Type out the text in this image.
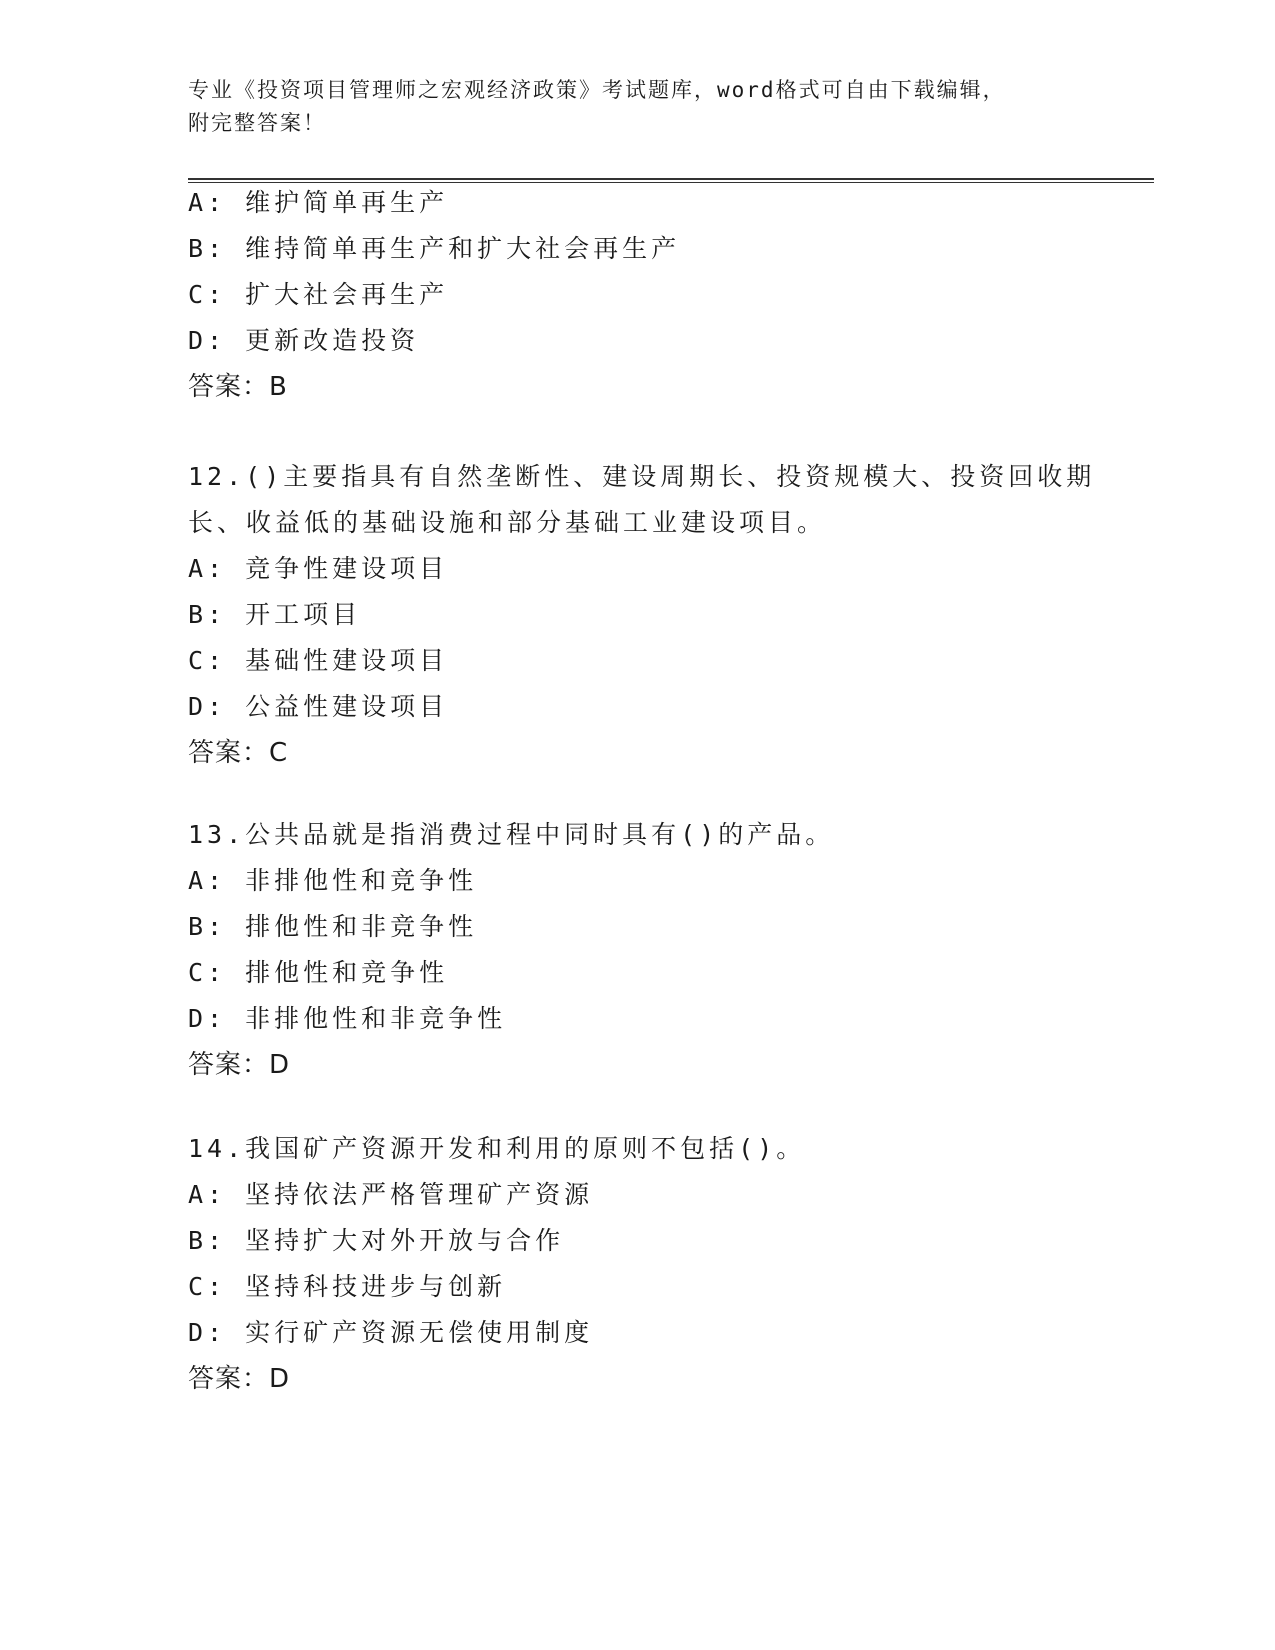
专业《投资项目管理师之宏观经济政策》考试题库，word格式可自由下载编辑，
附完整答案！
A: 维护简单再生产
B: 维持简单再生产和扩大社会再生产
C: 扩大社会再生产
D: 更新改造投资
答案：B
12.()主要指具有自然垄断性、建设周期长、投资规模大、投资回收期长、收益低的基础设施和部分基础工业建设项目。
A: 竞争性建设项目
B: 开工项目
C: 基础性建设项目
D: 公益性建设项目
答案：C
13.公共品就是指消费过程中同时具有()的产品。
A: 非排他性和竞争性
B: 排他性和非竞争性
C: 排他性和竞争性
D: 非排他性和非竞争性
答案：D
14.我国矿产资源开发和利用的原则不包括()。
A: 坚持依法严格管理矿产资源
B: 坚持扩大对外开放与合作
C: 坚持科技进步与创新
D: 实行矿产资源无偿使用制度
答案：D
